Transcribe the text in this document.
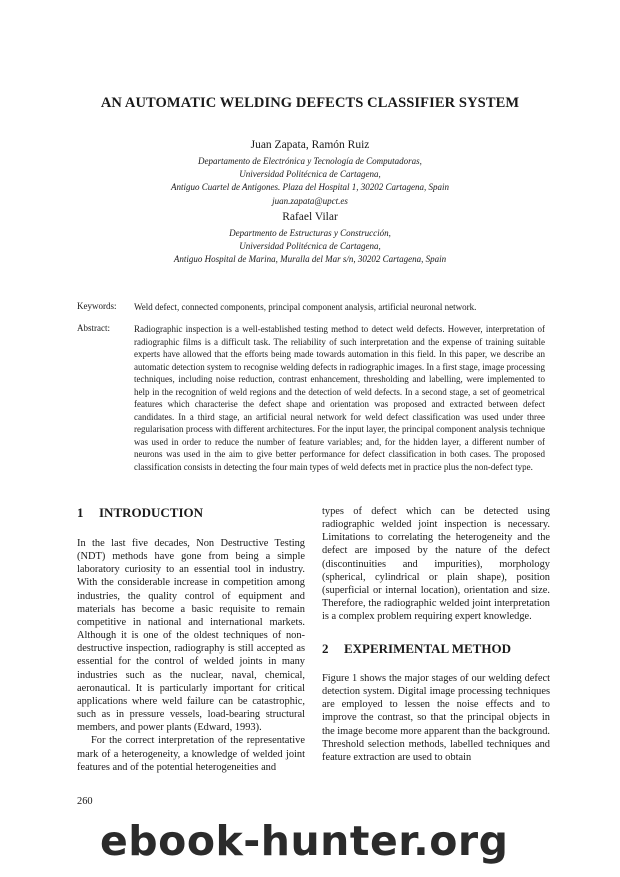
AN AUTOMATIC WELDING DEFECTS CLASSIFIER SYSTEM
Juan Zapata, Ramón Ruiz
Departamento de Electrónica y Tecnología de Computadoras,
Universidad Politécnica de Cartagena,
Antiguo Cuartel de Antigones. Plaza del Hospital 1, 30202 Cartagena, Spain
juan.zapata@upct.es
Rafael Vilar
Departmento de Estructuras y Construcción,
Universidad Politécnica de Cartagena,
Antiguo Hospital de Marina, Muralla del Mar s/n, 30202 Cartagena, Spain
Keywords: Weld defect, connected components, principal component analysis, artificial neuronal network.
Abstract:	Radiographic inspection is a well-established testing method to detect weld defects. However, interpretation of radiographic films is a difficult task. The reliability of such interpretation and the expense of training suitable experts have allowed that the efforts being made towards automation in this field. In this paper, we describe an automatic detection system to recognise welding defects in radiographic images. In a first stage, image processing techniques, including noise reduction, contrast enhancement, thresholding and labelling, were implemented to help in the recognition of weld regions and the detection of weld defects. In a second stage, a set of geometrical features which characterise the defect shape and orientation was proposed and extracted between defect candidates. In a third stage, an artificial neural network for weld defect classification was used under three regularisation process with different architectures. For the input layer, the principal component analysis technique was used in order to reduce the number of feature variables; and, for the hidden layer, a different number of neurons was used in the aim to give better performance for defect classification in both cases. The proposed classification consists in detecting the four main types of weld defects met in practice plus the non-defect type.
1 INTRODUCTION

In the last five decades, Non Destructive Testing (NDT) methods have gone from being a simple laboratory curiosity to an essential tool in industry. With the considerable increase in competition among industries, the quality control of equipment and materials has become a basic requisite to remain competitive in national and international markets. Although it is one of the oldest techniques of non-destructive inspection, radiography is still accepted as essential for the control of welded joints in many industries such as the nuclear, naval, chemical, aeronautical. It is particularly important for critical applications where weld failure can be catastrophic, such as in pressure vessels, load-bearing structural members, and power plants (Edward, 1993).

For the correct interpretation of the representative mark of a heterogeneity, a knowledge of welded joint features and of the potential heterogeneities and

types of defect which can be detected using radiographic welded joint inspection is necessary. Limitations to correlating the heterogeneity and the defect are imposed by the nature of the defect (discontinuities and impurities), morphology (spherical, cylindrical or plain shape), position (superficial or internal location), orientation and size. Therefore, the radiographic welded joint interpretation is a complex problem requiring expert knowledge.

2 EXPERIMENTAL METHOD

Figure 1 shows the major stages of our welding defect detection system. Digital image processing techniques are employed to lessen the noise effects and to improve the contrast, so that the principal objects in the image become more apparent than the background. Threshold selection methods, labelled techniques and feature extraction are used to obtain

260
ebook-hunter.org
